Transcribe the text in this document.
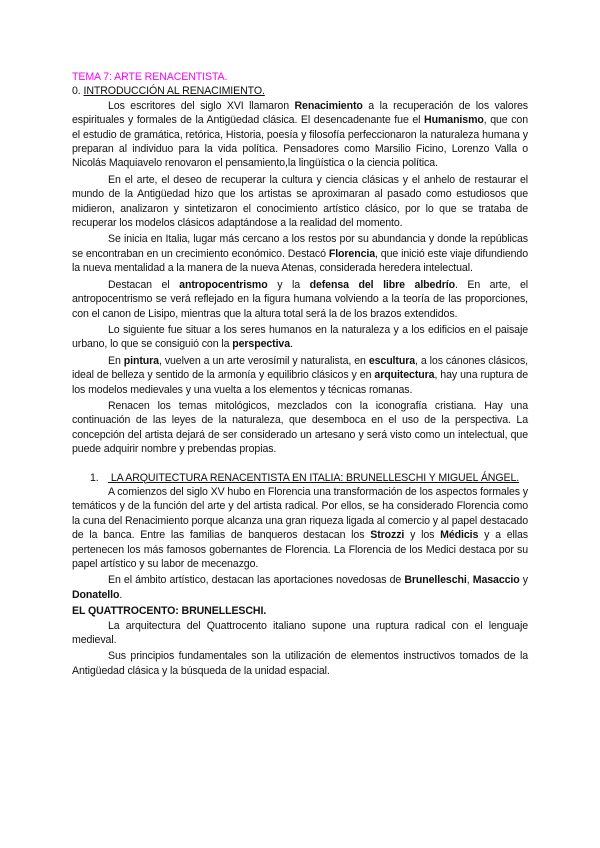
TEMA 7: ARTE RENACENTISTA.
0. INTRODUCCIÓN AL RENACIMIENTO.

Los escritores del siglo XVI llamaron Renacimiento a la recuperación de los valores espirituales y formales de la Antigüedad clásica. El desencadenante fue el Humanismo, que con el estudio de gramática, retórica, Historia, poesía y filosofía perfeccionaron la naturaleza humana y preparan al individuo para la vida política. Pensadores como Marsilio Ficino, Lorenzo Valla o Nicolás Maquiavelo renovaron el pensamiento,la lingüística o la ciencia política.

En el arte, el deseo de recuperar la cultura y ciencia clásicas y el anhelo de restaurar el mundo de la Antigüedad hizo que los artistas se aproximaran al pasado como estudiosos que midieron, analizaron y sintetizaron el conocimiento artístico clásico, por lo que se trataba de recuperar los modelos clásicos adaptándose a la realidad del momento.

Se inicia en Italia, lugar más cercano a los restos por su abundancia y donde la repúblicas se encontraban en un crecimiento económico. Destacó Florencia, que inició este viaje difundiendo la nueva mentalidad a la manera de la nueva Atenas, considerada heredera intelectual.

Destacan el antropocentrismo y la defensa del libre albedrío. En arte, el antropocentrismo se verá reflejado en la figura humana volviendo a la teoría de las proporciones, con el canon de Lisipo, mientras que la altura total será la de los brazos extendidos.

Lo siguiente fue situar a los seres humanos en la naturaleza y a los edificios en el paisaje urbano, lo que se consiguió con la perspectiva.

En pintura, vuelven a un arte verosímil y naturalista, en escultura, a los cánones clásicos, ideal de belleza y sentido de la armonía y equilibrio clásicos y en arquitectura, hay una ruptura de los modelos medievales y una vuelta a los elementos y técnicas romanas.

Renacen los temas mitológicos, mezclados con la iconografía cristiana. Hay una continuación de las leyes de la naturaleza, que desemboca en el uso de la perspectiva. La concepción del artista dejará de ser considerado un artesano y será visto como un intelectual, que puede adquirir nombre y prebendas propias.

1. LA ARQUITECTURA RENACENTISTA EN ITALIA: BRUNELLESCHI Y MIGUEL ÁNGEL.

A comienzos del siglo XV hubo en Florencia una transformación de los aspectos formales y temáticos y de la función del arte y del artista radical. Por ellos, se ha considerado Florencia como la cuna del Renacimiento porque alcanza una gran riqueza ligada al comercio y al papel destacado de la banca. Entre las familias de banqueros destacan los Strozzi y los Médicis y a ellas pertenecen los más famosos gobernantes de Florencia. La Florencia de los Medici destaca por su papel artístico y su labor de mecenazgo.

En el ámbito artístico, destacan las aportaciones novedosas de Brunelleschi, Masaccio y Donatello.

EL QUATTROCENTO: BRUNELLESCHI.

La arquitectura del Quattrocento italiano supone una ruptura radical con el lenguaje medieval.

Sus principios fundamentales son la utilización de elementos instructivos tomados de la Antigüedad clásica y la búsqueda de la unidad espacial.
